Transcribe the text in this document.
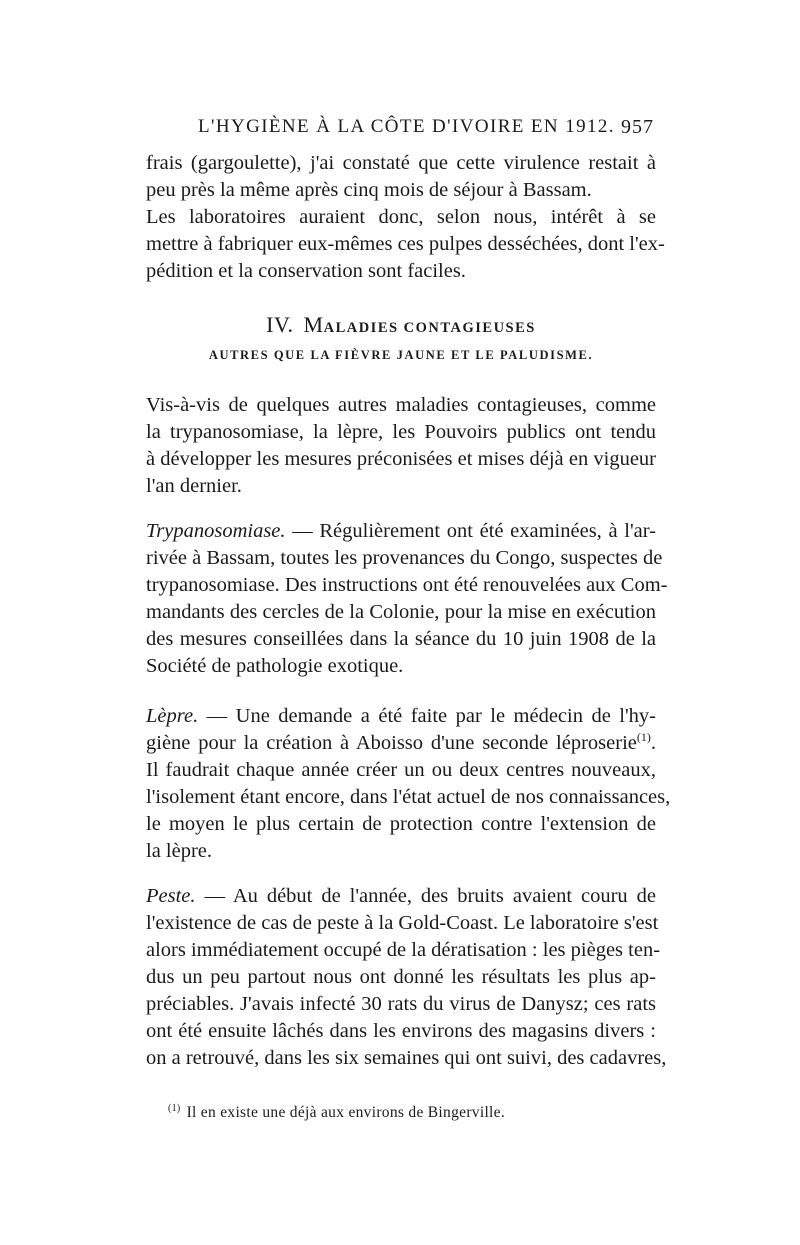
L'HYGIÈNE À LA CÔTE D'IVOIRE EN 1912. 957
frais (gargoulette), j'ai constaté que cette virulence restait à
peu près la même après cinq mois de séjour à Bassam.
Les laboratoires auraient donc, selon nous, intérêt à se
mettre à fabriquer eux-mêmes ces pulpes desséchées, dont l'ex-
pédition et la conservation sont faciles.
IV. MALADIES CONTAGIEUSES
AUTRES QUE LA FIÈVRE JAUNE ET LE PALUDISME.
Vis-à-vis de quelques autres maladies contagieuses, comme
la trypanosomiase, la lèpre, les Pouvoirs publics ont tendu
à développer les mesures préconisées et mises déjà en vigueur
l'an dernier.
Trypanosomiase. — Régulièrement ont été examinées, à l'ar-
rivée à Bassam, toutes les provenances du Congo, suspectes de
trypanosomiase. Des instructions ont été renouvelées aux Com-
mandants des cercles de la Colonie, pour la mise en exécution
des mesures conseillées dans la séance du 10 juin 1908 de la
Société de pathologie exotique.
Lèpre. — Une demande a été faite par le médecin de l'hy-
giène pour la création à Aboisso d'une seconde léproserie$^{(1)}$.
Il faudrait chaque année créer un ou deux centres nouveaux,
l'isolement étant encore, dans l'état actuel de nos connaissances,
le moyen le plus certain de protection contre l'extension de
la lèpre.
Peste. — Au début de l'année, des bruits avaient couru de
l'existence de cas de peste à la Gold-Coast. Le laboratoire s'est
alors immédiatement occupé de la dératisation : les pièges ten-
dus un peu partout nous ont donné les résultats les plus ap-
préciables. J'avais infecté 30 rats du virus de Danysz; ces rats
ont été ensuite lâchés dans les environs des magasins divers :
on a retrouvé, dans les six semaines qui ont suivi, des cadavres,
$^{(1)}$ Il en existe une déjà aux environs de Bingerville.
